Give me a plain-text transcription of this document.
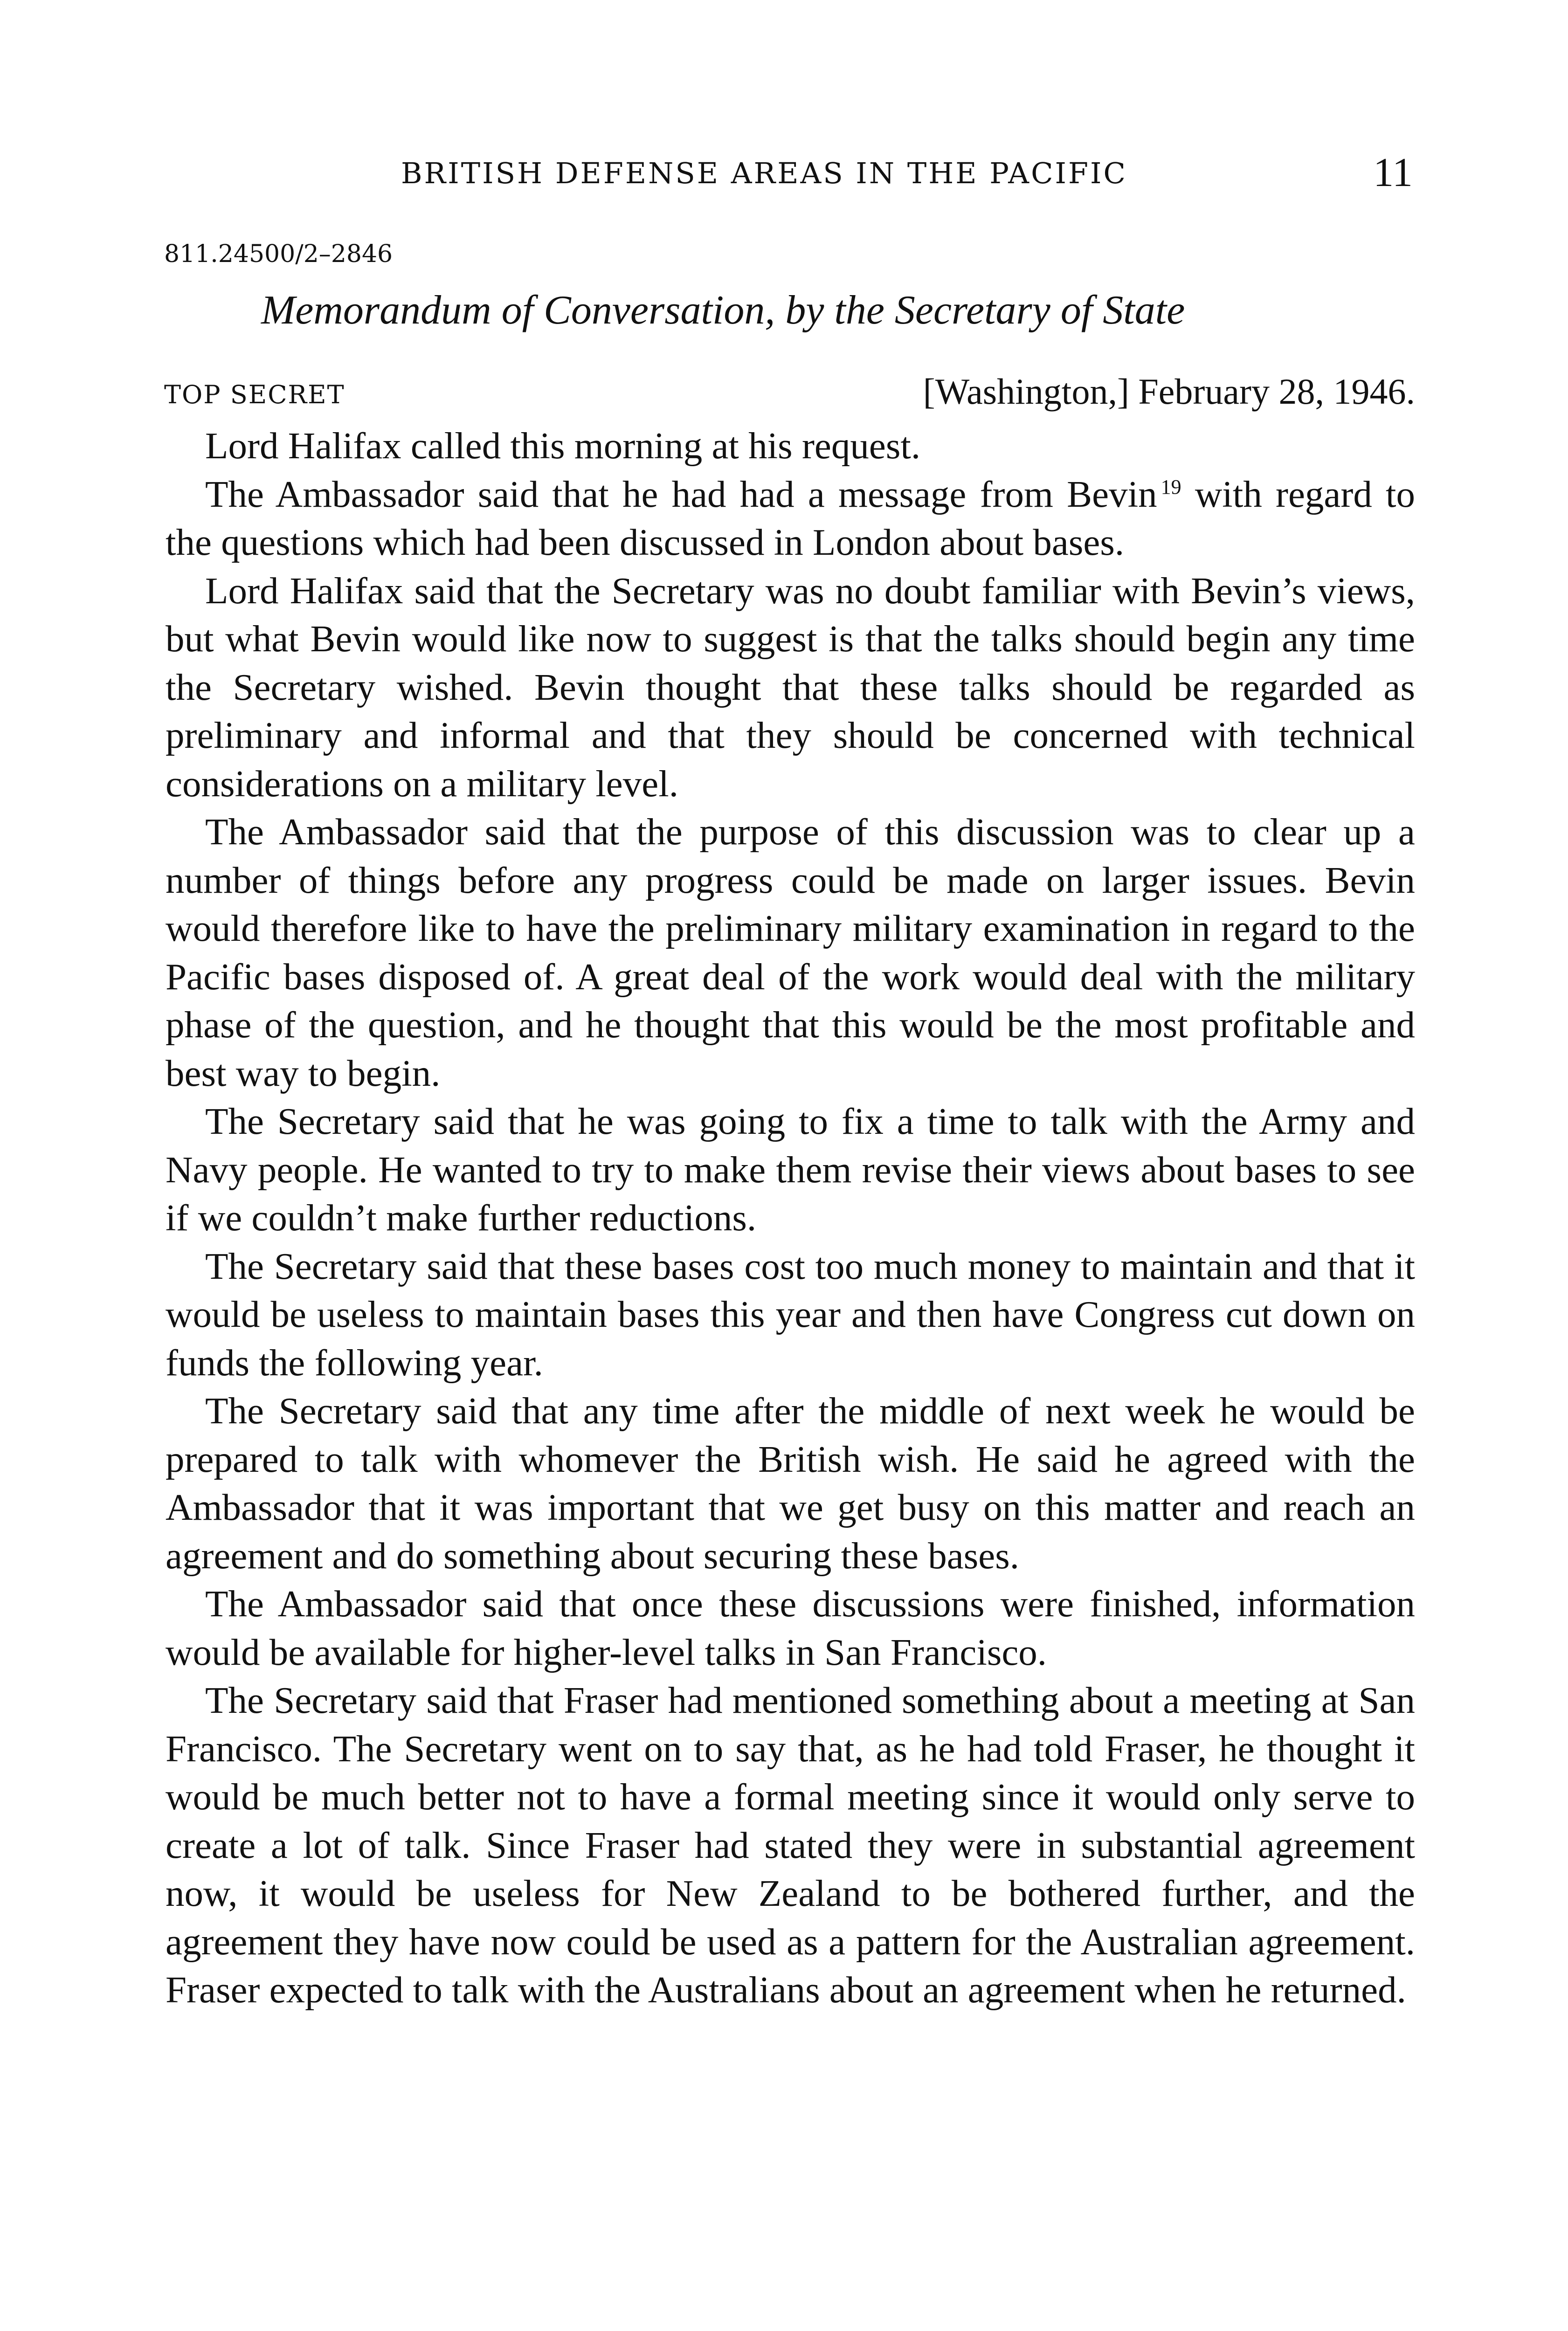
BRITISH DEFENSE AREAS IN THE PACIFIC	11
811.24500/2–2846
Memorandum of Conversation, by the Secretary of State
TOP SECRET	[Washington,] February 28, 1946.

Lord Halifax called this morning at his request.

The Ambassador said that he had had a message from Bevin $^{19}$ with regard to the questions which had been discussed in London about bases.

Lord Halifax said that the Secretary was no doubt familiar with Bevin’s views, but what Bevin would like now to suggest is that the talks should begin any time the Secretary wished. Bevin thought that these talks should be regarded as preliminary and informal and that they should be concerned with technical considerations on a military level.

The Ambassador said that the purpose of this discussion was to clear up a number of things before any progress could be made on larger issues. Bevin would therefore like to have the preliminary military examination in regard to the Pacific bases disposed of. A great deal of the work would deal with the military phase of the question, and he thought that this would be the most profitable and best way to begin.

The Secretary said that he was going to fix a time to talk with the Army and Navy people. He wanted to try to make them revise their views about bases to see if we couldn’t make further reductions.

The Secretary said that these bases cost too much money to maintain and that it would be useless to maintain bases this year and then have Congress cut down on funds the following year.

The Secretary said that any time after the middle of next week he would be prepared to talk with whomever the British wish. He said he agreed with the Ambassador that it was important that we get busy on this matter and reach an agreement and do something about securing these bases.

The Ambassador said that once these discussions were finished, information would be available for higher-level talks in San Francisco.

The Secretary said that Fraser had mentioned something about a meeting at San Francisco. The Secretary went on to say that, as he had told Fraser, he thought it would be much better not to have a formal meeting since it would only serve to create a lot of talk. Since Fraser had stated they were in substantial agreement now, it would be useless for New Zealand to be bothered further, and the agreement they have now could be used as a pattern for the Australian agreement. Fraser expected to talk with the Australians about an agreement when he returned.
